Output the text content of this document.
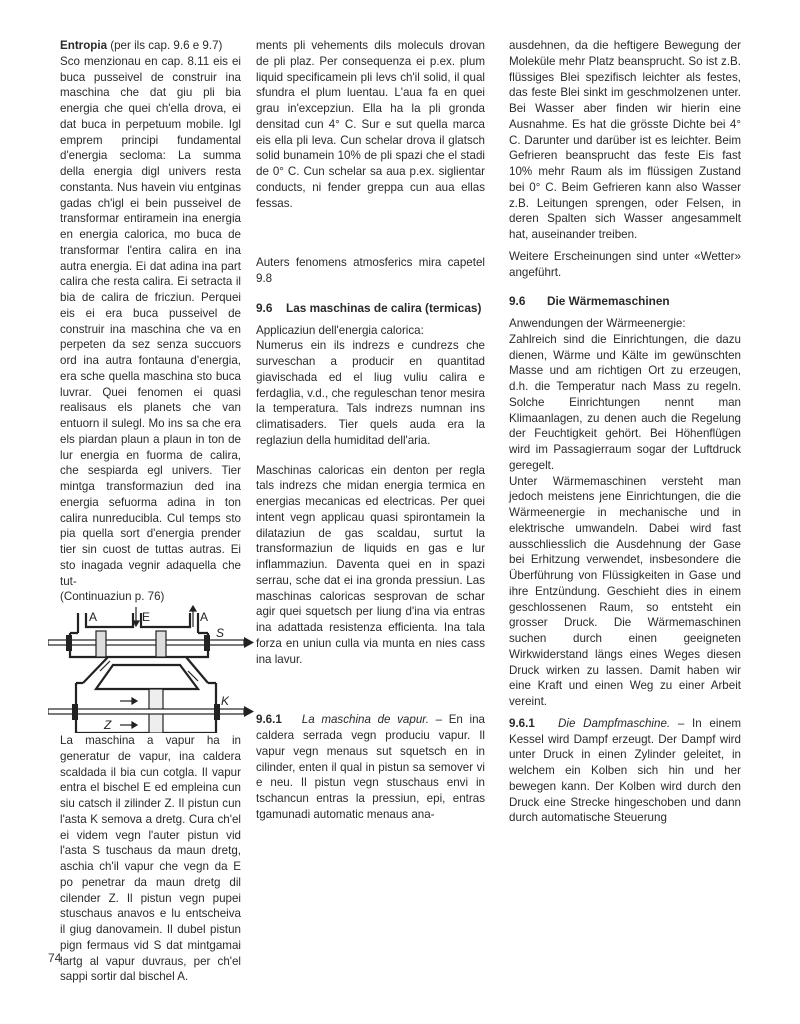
Entropia (per ils cap. 9.6 e 9.7)
Sco menzionau en cap. 8.11 eis ei buca pusseivel de construir ina maschina che dat giu pli bia energia che quei ch'ella drova, ei dat buca in perpetuum mobile. Igl emprem principi fundamental d'energia secloma: La summa della energia digl univers resta constanta. Nus havein viu entginas gadas ch'igl ei bein pusseivel de transformar entiramein ina energia en energia calorica, mo buca de transformar l'entira calira en ina autra energia. Ei dat adina ina part calira che resta calira. Ei setracta il bia de calira de fricziun. Perquei eis ei era buca pusseivel de construir ina maschina che va en perpeten da sez senza succuors ord ina autra fontauna d'energia, era sche quella maschina sto buca luvrar. Quei fenomen ei quasi realisaus els planets che van entuorn il sulegl. Mo ins sa che era els piardan plaun a plaun in ton de lur energia en fuorma de calira, che sespiarda egl univers. Tier mintga transformaziun ded ina energia sefuorma adina in ton calira nunreducibla. Cul temps sto pia quella sort d'energia prender tier sin cuost de tuttas autras. Ei sto inagada vegnir adaquella che tut-
(Continuaziun p. 76)

A	E	A
S
K
Z

La maschina a vapur ha in generatur de vapur, ina caldera scaldada il bia cun cotgla. Il vapur entra el bischel E ed empleina cun siu catsch il zilinder Z. Il pistun cun l'asta K semova a dretg. Cura ch'el ei videm vegn l'auter pistun vid l'asta S tuschaus da maun dretg, aschia ch'il vapur che vegn da E po penetrar da maun dretg dil cilender Z. Il pistun vegn pupei stuschaus anavos e lu entscheiva il giug danovamein. Il dubel pistun pign fermaus vid S dat mintgamai lartg al vapur duvraus, per ch'el sappi sortir dal bischel A.

ments pli vehements dils moleculs drovan de pli plaz. Per consequenza ei p.ex. plum liquid specificamein pli levs ch'il solid, il qual sfundra el plum luentau. L'aua fa en quei grau in'excepziun. Ella ha la pli gronda densitad cun 4° C. Sur e sut quella marca eis ella pli leva. Cun schelar drova il glatsch solid bunamein 10% de pli spazi che el stadi de 0° C. Cun schelar sa aua p.ex. siglientar conducts, ni fender greppa cun aua ellas fessas.

Auters fenomens atmosferics mira capetel 9.8

9.6 Las maschinas de calira (termicas)

Applicaziun dell'energia calorica:
Numerus ein ils indrezs e cundrezs che surveschan a producir en quantitad giavischada ed el liug vuliu calira e ferdaglia, v.d., che reguleschan tenor mesira la temperatura. Tals indrezs numnan ins climatisaders. Tier quels auda era la reglaziun della humiditad dell'aria.

Maschinas caloricas ein denton per regla tals indrezs che midan energia termica en energias mecanicas ed electricas. Per quei intent vegn applicau quasi spirontamein la dilataziun de gas scaldau, surtut la transformaziun de liquids en gas e lur inflammaziun. Daventa quei en in spazi serrau, sche dat ei ina gronda pressiun. Las maschinas caloricas sesprovan de schar agir quei squetsch per liung d'ina via entras ina adattada resistenza efficienta. Ina tala forza en uniun culla via munta en nies cass ina lavur.

9.6.1 La maschina de vapur. – En ina caldera serrada vegn produciu vapur. Il vapur vegn menaus sut squetsch en in cilinder, enten il qual in pistun sa semover vi e neu. Il pistun vegn stuschaus envi in tschancun entras la pressiun, epi, entras tgamunadi automatic menaus ana-

ausdehnen, da die heftigere Bewegung der Moleküle mehr Platz beansprucht. So ist z.B. flüssiges Blei spezifisch leichter als festes, das feste Blei sinkt im geschmolzenen unter. Bei Wasser aber finden wir hierin eine Ausnahme. Es hat die grösste Dichte bei 4° C. Darunter und darüber ist es leichter. Beim Gefrieren beansprucht das feste Eis fast 10% mehr Raum als im flüssigen Zustand bei 0° C. Beim Gefrieren kann also Wasser z.B. Leitungen sprengen, oder Felsen, in deren Spalten sich Wasser angesammelt hat, auseinander treiben.

Weitere Erscheinungen sind unter «Wetter» angeführt.

9.6 Die Wärmemaschinen

Anwendungen der Wärmeenergie:
Zahlreich sind die Einrichtungen, die dazu dienen, Wärme und Kälte im gewünschten Masse und am richtigen Ort zu erzeugen, d.h. die Temperatur nach Mass zu regeln. Solche Einrichtungen nennt man Klimaanlagen, zu denen auch die Regelung der Feuchtigkeit gehört. Bei Höhenflügen wird im Passagierraum sogar der Luftdruck geregelt.

Unter Wärmemaschinen versteht man jedoch meistens jene Einrichtungen, die die Wärmeenergie in mechanische und in elektrische umwandeln. Dabei wird fast ausschliesslich die Ausdehnung der Gase bei Erhitzung verwendet, insbesondere die Überführung von Flüssigkeiten in Gase und ihre Entzündung. Geschieht dies in einem geschlossenen Raum, so entsteht ein grosser Druck. Die Wärmemaschinen suchen durch einen geeigneten Wirkwiderstand längs eines Weges diesen Druck wirken zu lassen. Damit haben wir eine Kraft und einen Weg zu einer Arbeit vereint.

9.6.1 Die Dampfmaschine. – In einem Kessel wird Dampf erzeugt. Der Dampf wird unter Druck in einen Zylinder geleitet, in welchem ein Kolben sich hin und her bewegen kann. Der Kolben wird durch den Druck eine Strecke hingeschoben und dann durch automatische Steuerung

74
